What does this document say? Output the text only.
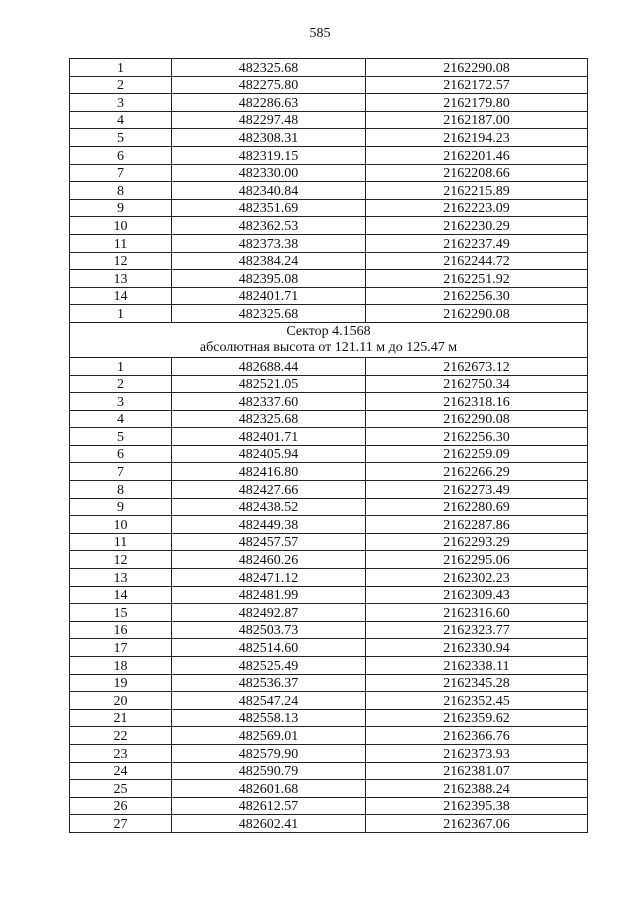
585
1	482325.68	2162290.08
2	482275.80	2162172.57
3	482286.63	2162179.80
4	482297.48	2162187.00
5	482308.31	2162194.23
6	482319.15	2162201.46
7	482330.00	2162208.66
8	482340.84	2162215.89
9	482351.69	2162223.09
10	482362.53	2162230.29
11	482373.38	2162237.49
12	482384.24	2162244.72
13	482395.08	2162251.92
14	482401.71	2162256.30
1	482325.68	2162290.08

Сектор 4.1568
абсолютная высота от 121.11 м до 125.47 м		

1	482688.44	2162673.12
2	482521.05	2162750.34
3	482337.60	2162318.16
4	482325.68	2162290.08
5	482401.71	2162256.30
6	482405.94	2162259.09
7	482416.80	2162266.29
8	482427.66	2162273.49
9	482438.52	2162280.69
10	482449.38	2162287.86
11	482457.57	2162293.29
12	482460.26	2162295.06
13	482471.12	2162302.23
14	482481.99	2162309.43
15	482492.87	2162316.60
16	482503.73	2162323.77
17	482514.60	2162330.94
18	482525.49	2162338.11
19	482536.37	2162345.28
20	482547.24	2162352.45
21	482558.13	2162359.62
22	482569.01	2162366.76
23	482579.90	2162373.93
24	482590.79	2162381.07
25	482601.68	2162388.24
26	482612.57	2162395.38
27	482602.41	2162367.06
